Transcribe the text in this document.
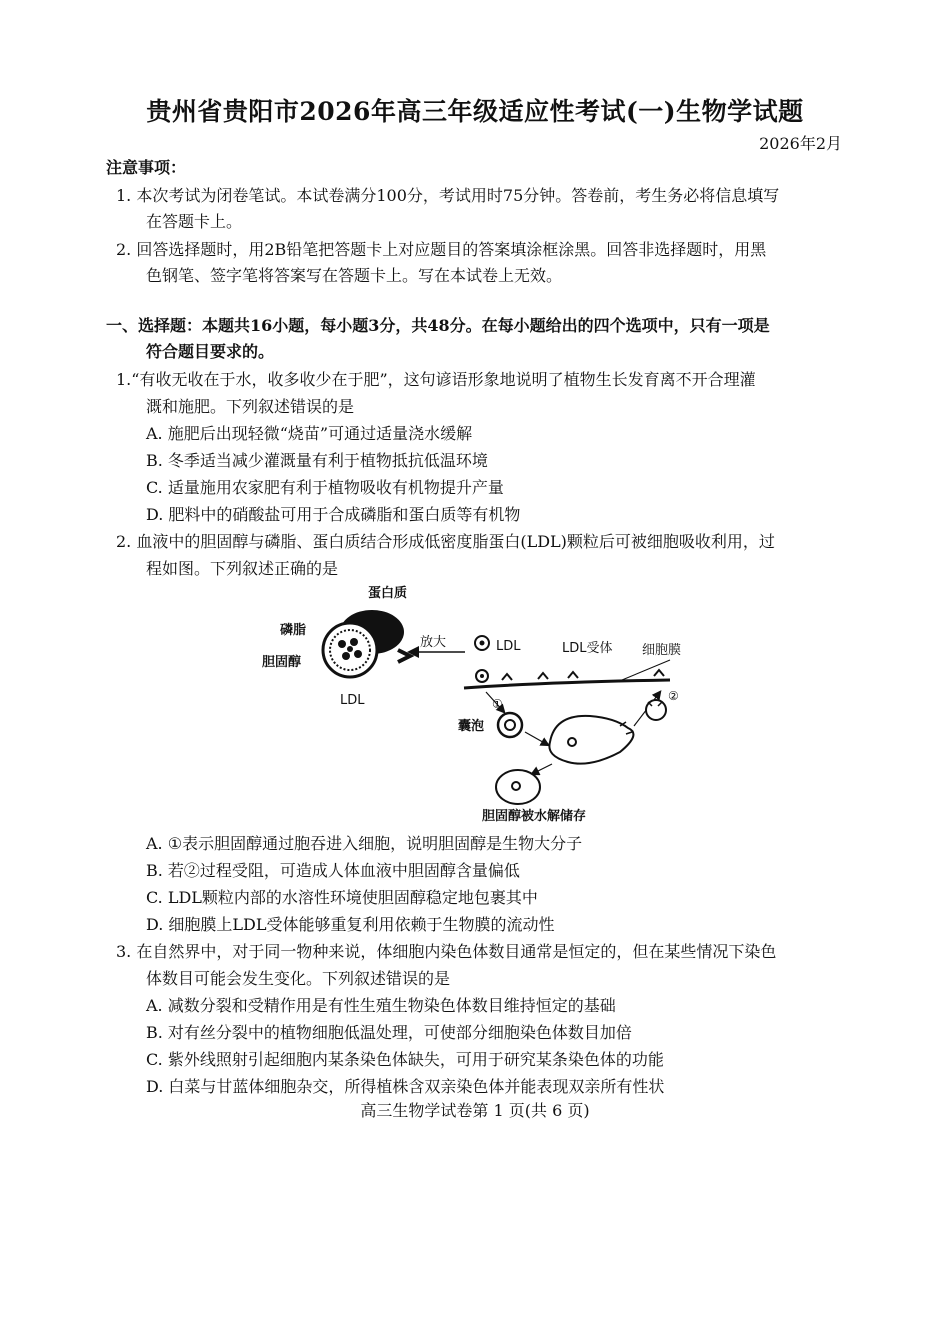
贵州省贵阳市2026年高三年级适应性考试(一)生物学试题
2026年2月
注意事项：
1. 本次考试为闭卷笔试。本试卷满分100分，考试用时75分钟。答卷前，考生务必将信息填写
在答题卡上。
2. 回答选择题时，用2B铅笔把答题卡上对应题目的答案填涂框涂黑。回答非选择题时，用黑
色钢笔、签字笔将答案写在答题卡上。写在本试卷上无效。
一、选择题：本题共16小题，每小题3分，共48分。在每小题给出的四个选项中，只有一项是
符合题目要求的。
1.“有收无收在于水，收多收少在于肥”，这句谚语形象地说明了植物生长发育离不开合理灌
溉和施肥。下列叙述错误的是
A. 施肥后出现轻微“烧苗”可通过适量浇水缓解
B. 冬季适当减少灌溉量有利于植物抵抗低温环境
C. 适量施用农家肥有利于植物吸收有机物提升产量
D. 肥料中的硝酸盐可用于合成磷脂和蛋白质等有机物
2. 血液中的胆固醇与磷脂、蛋白质结合形成低密度脂蛋白(LDL)颗粒后可被细胞吸收利用，过
程如图。下列叙述正确的是
蛋白质
磷脂
胆固醇
LDL
放大	LDL	LDL受体 细胞膜
①
囊泡
②
胆固醇被水解储存
A. ①表示胆固醇通过胞吞进入细胞，说明胆固醇是生物大分子
B. 若②过程受阻，可造成人体血液中胆固醇含量偏低
C. LDL颗粒内部的水溶性环境使胆固醇稳定地包裹其中
D. 细胞膜上LDL受体能够重复利用依赖于生物膜的流动性
3. 在自然界中，对于同一物种来说，体细胞内染色体数目通常是恒定的，但在某些情况下染色
体数目可能会发生变化。下列叙述错误的是
A. 减数分裂和受精作用是有性生殖生物染色体数目维持恒定的基础
B. 对有丝分裂中的植物细胞低温处理，可使部分细胞染色体数目加倍
C. 紫外线照射引起细胞内某条染色体缺失，可用于研究某条染色体的功能
D. 白菜与甘蓝体细胞杂交，所得植株含双亲染色体并能表现双亲所有性状
高三生物学试卷第 1 页(共 6 页)
